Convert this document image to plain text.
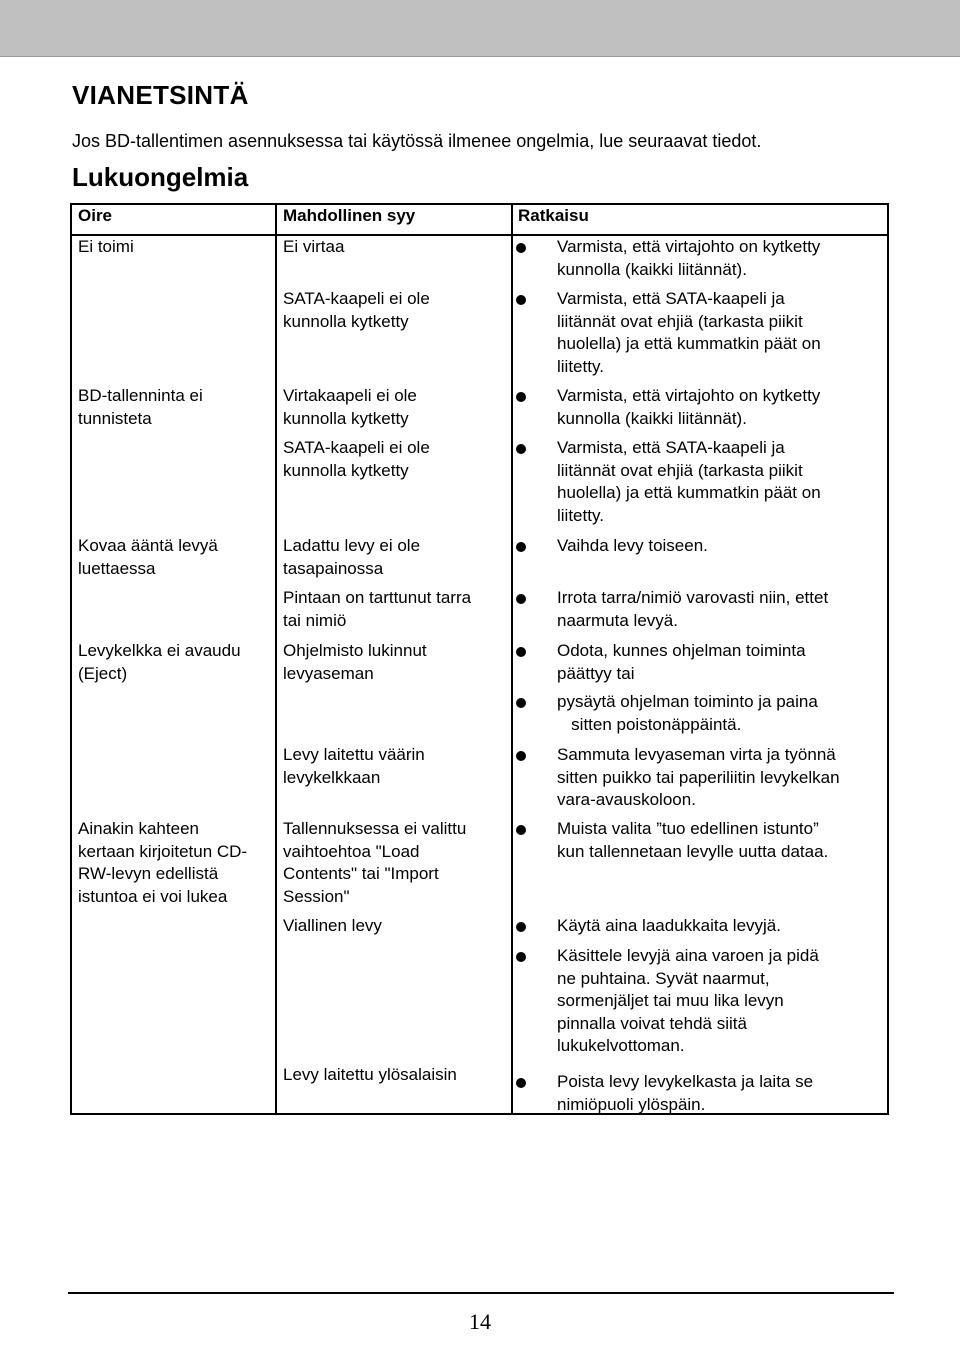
VIANETSINTÄ

Jos BD-tallentimen asennuksessa tai käytössä ilmenee ongelmia, lue seuraavat tiedot.

Lukuongelmia
Oire	Mahdollinen syy	Ratkaisu
Ei toimi
BD-tallenninta ei
tunnisteta
Kovaa ääntä levyä
luettaessa
Levykelkka ei avaudu
(Eject)
Ainakin kahteen
kertaan kirjoitetun CD-
RW-levyn edellistä
istuntoa ei voi lukea
Ei virtaa
SATA-kaapeli ei ole
kunnolla kytketty
Virtakaapeli ei ole
kunnolla kytketty
SATA-kaapeli ei ole
kunnolla kytketty
Ladattu levy ei ole
tasapainossa
Pintaan on tarttunut tarra
tai nimiö
Ohjelmisto lukinnut
levyaseman
Levy laitettu väärin
levykelkkaan
Tallennuksessa ei valittu
vaihtoehtoa "Load
Contents" tai "Import
Session"
Viallinen levy
Levy laitettu ylösalaisin
Varmista, että virtajohto on kytketty
kunnolla (kaikki liitännät).
Varmista, että SATA-kaapeli ja
liitännät ovat ehjiä (tarkasta piikit
huolella) ja että kummatkin päät on
liitetty.
Varmista, että virtajohto on kytketty
kunnolla (kaikki liitännät).
Varmista, että SATA-kaapeli ja
liitännät ovat ehjiä (tarkasta piikit
huolella) ja että kummatkin päät on
liitetty.
Vaihda levy toiseen.
Irrota tarra/nimiö varovasti niin, ettet
naarmuta levyä.
Odota, kunnes ohjelman toiminta
päättyy tai
pysäytä ohjelman toiminto ja paina
sitten poistonäppäintä.
Sammuta levyaseman virta ja työnnä
sitten puikko tai paperiliitin levykelkan
vara-avauskoloon.
Muista valita ”tuo edellinen istunto”
kun tallennetaan levylle uutta dataa.
Käytä aina laadukkaita levyjä.
Käsittele levyjä aina varoen ja pidä
ne puhtaina. Syvät naarmut,
sormenjäljet tai muu lika levyn
pinnalla voivat tehdä siitä
lukukelvottoman.
Poista levy levykelkasta ja laita se
nimiöpuoli ylöspäin.
14
